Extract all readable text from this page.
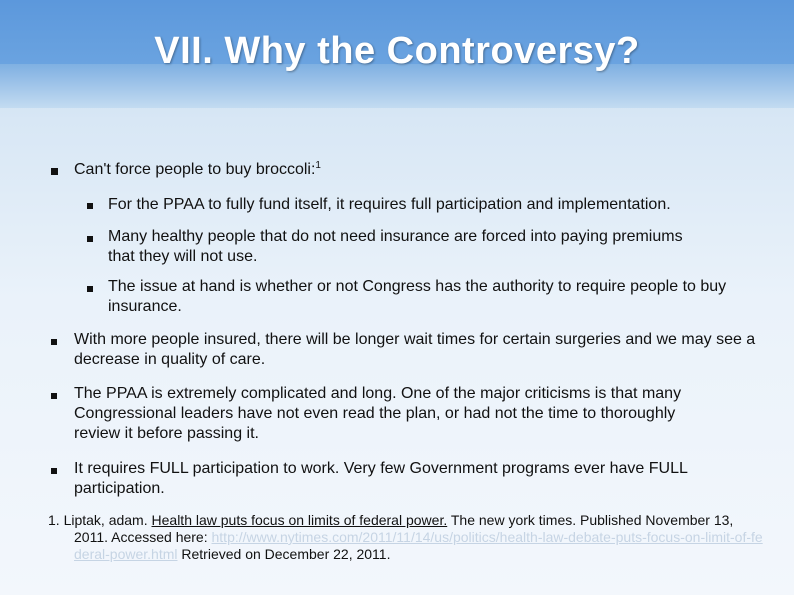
VII. Why the Controversy?
Can't force people to buy broccoli:$^1$
For the PPAA to fully fund itself, it requires full participation and implementation.
Many healthy people that do not need insurance are forced into paying premiums that they will not use.
The issue at hand is whether or not Congress has the authority to require people to buy insurance.
With more people insured, there will be longer wait times for certain surgeries and we may see a decrease in quality of care.
The PPAA is extremely complicated and long. One of the major criticisms is that many Congressional leaders have not even read the plan, or had not the time to thoroughly review it before passing it.
It requires FULL participation to work. Very few Government programs ever have FULL participation.
1. Liptak, adam. Health law puts focus on limits of federal power. The new york times. Published November 13, 2011. Accessed here: http://www.nytimes.com/2011/11/14/us/politics/health-law-debate-puts-focus-on-limit-of-federal-power.html Retrieved on December 22, 2011.
